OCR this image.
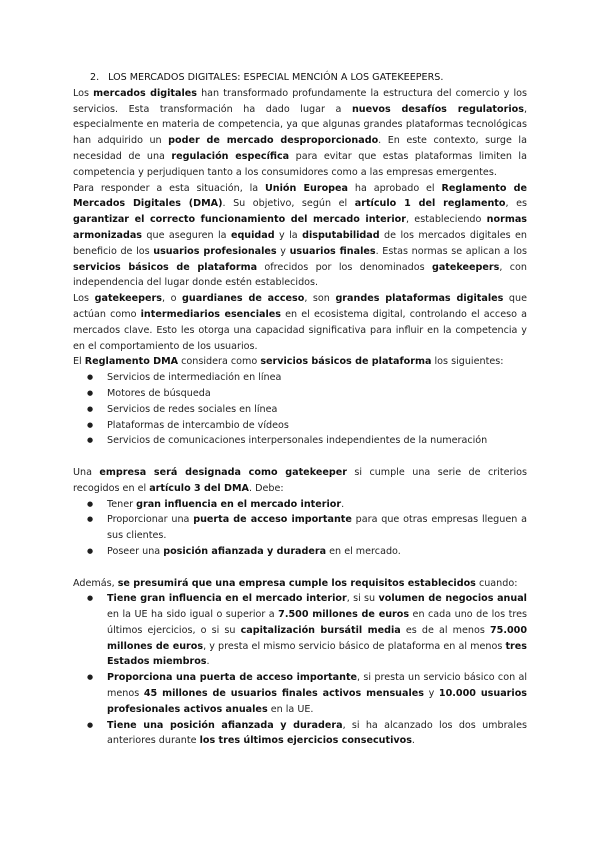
2. LOS MERCADOS DIGITALES: ESPECIAL MENCIÓN A LOS GATEKEEPERS.

Los mercados digitales han transformado profundamente la estructura del comercio y los servicios. Esta transformación ha dado lugar a nuevos desafíos regulatorios, especialmente en materia de competencia, ya que algunas grandes plataformas tecnológicas han adquirido un poder de mercado desproporcionado. En este contexto, surge la necesidad de una regulación específica para evitar que estas plataformas limiten la competencia y perjudiquen tanto a los consumidores como a las empresas emergentes.

Para responder a esta situación, la Unión Europea ha aprobado el Reglamento de Mercados Digitales (DMA). Su objetivo, según el artículo 1 del reglamento, es garantizar el correcto funcionamiento del mercado interior, estableciendo normas armonizadas que aseguren la equidad y la disputabilidad de los mercados digitales en beneficio de los usuarios profesionales y usuarios finales. Estas normas se aplican a los servicios básicos de plataforma ofrecidos por los denominados gatekeepers, con independencia del lugar donde estén establecidos.

Los gatekeepers, o guardianes de acceso, son grandes plataformas digitales que actúan como intermediarios esenciales en el ecosistema digital, controlando el acceso a mercados clave. Esto les otorga una capacidad significativa para influir en la competencia y en el comportamiento de los usuarios.

El Reglamento DMA considera como servicios básicos de plataforma los siguientes:

● Servicios de intermediación en línea
● Motores de búsqueda
● Servicios de redes sociales en línea
● Plataformas de intercambio de vídeos
● Servicios de comunicaciones interpersonales independientes de la numeración

Una empresa será designada como gatekeeper si cumple una serie de criterios recogidos en el artículo 3 del DMA. Debe:

● Tener gran influencia en el mercado interior.
● Proporcionar una puerta de acceso importante para que otras empresas lleguen a sus clientes.
● Poseer una posición afianzada y duradera en el mercado.

Además, se presumirá que una empresa cumple los requisitos establecidos cuando:

● Tiene gran influencia en el mercado interior, si su volumen de negocios anual en la UE ha sido igual o superior a 7.500 millones de euros en cada uno de los tres últimos ejercicios, o si su capitalización bursátil media es de al menos 75.000 millones de euros, y presta el mismo servicio básico de plataforma en al menos tres Estados miembros.
● Proporciona una puerta de acceso importante, si presta un servicio básico con al menos 45 millones de usuarios finales activos mensuales y 10.000 usuarios profesionales activos anuales en la UE.
● Tiene una posición afianzada y duradera, si ha alcanzado los dos umbrales anteriores durante los tres últimos ejercicios consecutivos.
